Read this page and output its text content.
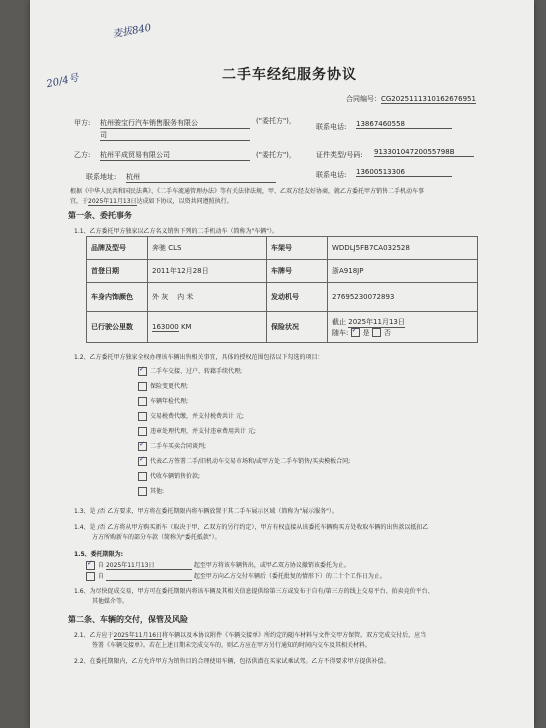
麦拔840
20/4号	二手车经纪服务协议
合同编号：CG2025111310162676951
甲方: 杭州骏宝行汽车销售服务有限公
司
("委托方")，
联系电话: 13867460558
乙方: 杭州平成贸易有限公司	("委托方")，	证件类型/号码: 91330104720055798B
联系地址: 杭州	联系电话: 13600513306
根据《中华人民共和国民法典》、《二手车流通管理办法》等有关法律法规，甲、乙双方经友好协商，就乙方委托甲方销售二手机动车事
宜，于2025年11月13日达成如下协议，以资共同遵照执行。
第一条、委托事务
1.1、乙方委托甲方独家以乙方名义销售下列的二手机动车（简称为"车辆"）。
品牌及型号	奔驰 CLS	车架号	WDDLJ5FB7CA032528
首登日期	2011年12月28日	车牌号	浙A918JP
车身内饰颜色	外 灰 内 米	发动机号	27695230072893
已行驶公里数	163000 KM	保险状况	截止 2025年11月13日
随车: ✓ 是 否
1.2、乙方委托甲方独家全权办理该车辆出售相关事宜，具体的授权范围包括以下勾选的项目：
✓二手车交接、过户、转籍手续代理;
保险变更代理;
车辆年检代理;
交易税费代缴，并支付税费共计 元;
违章处理代理，并支付违章费用共计 元;
✓二手车买卖合同谈判;
✓代表乙方签署二手/旧机动车交易市场和/或甲方处二手车销售/买卖模板合同;
代收车辆销售价款;
其他:
1.3、是 /否 乙方要求，甲方将在委托期限内将车辆放置于其二手车展示区域（简称为"展示服务"）。
1.4、是 /否 乙方将从甲方购买新车（取决于甲、乙双方的另行约定），甲方有权直接从该委托车辆购买方处收取车辆的出售款以抵扣乙
方方所购新车的部分车款（简称为"委托抵款"）。
1.5、委托期限为:
✓自 2025年11月13日	起至甲方将该车辆售出，或甲乙双方协议撤销该委托为止。
自	起至甲方向乙方交付车辆后（委托批复的情形下）的二十个工作日为止。
1.6、为尽快促成交易，甲方可在委托期限内将该车辆及其相关信息提供给第三方或发布于自有/第三方的线上交易平台、拍卖竞价平台、
其他媒介等。
第二条、车辆的交付，保管及风险
2.1、乙方应于2025年11月16日将车辆以及本协议附件《车辆交接单》所约定的随车材料与文件交甲方保管。双方完成交付后，应当
签署《车辆交接单》。若在上述日期未完成交车的，则乙方应在甲方另行通知的时间内交车及其相关材料。
2.2、在委托期限内，乙方允许甲方为销售目的合理使用车辆，包括供潜在买家试乘试驾。乙方不得要求甲方提供补偿。
